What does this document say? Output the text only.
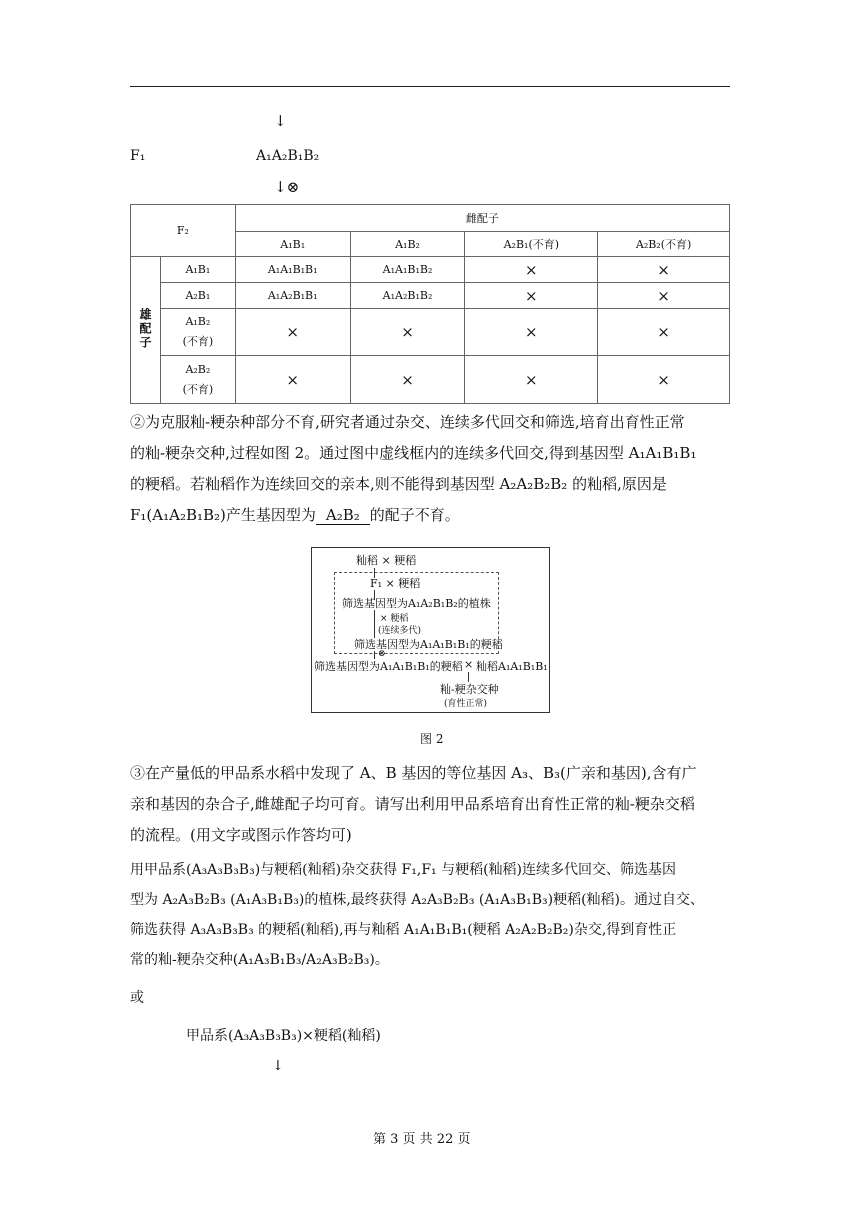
↓
F₁	A₁A₂B₁B₂
↓⊗
F₂		雌配子			
		A₁B₁	A₁B₂	A₂B₁(不育)	A₂B₂(不育)
雄配子	A₁B₁	A₁A₁B₁B₁	A₁A₁B₁B₂	×	×
	A₂B₁	A₁A₂B₁B₁	A₁A₂B₁B₂	×	×
	A₁B₂
(不育)	×	×	×	×
	A₂B₂
(不育)	×	×	×	×
②为克服籼-粳杂种部分不育,研究者通过杂交、连续多代回交和筛选,培育出育性正常
的籼-粳杂交种,过程如图 2。通过图中虚线框内的连续多代回交,得到基因型 A₁A₁B₁B₁
的粳稻。若籼稻作为连续回交的亲本,则不能得到基因型 A₂A₂B₂B₂ 的籼稻,原因是
F₁(A₁A₂B₁B₂)产生基因型为 A₂B₂ 的配子不育。
籼稻 × 粳稻
F₁ × 粳稻
筛选基因型为A₁A₂B₁B₂的植株
× 粳稻
(连续多代)
筛选基因型为A₁A₁B₁B₁的粳稻
⊗
筛选基因型为A₁A₁B₁B₁的粳稻 × 籼稻A₁A₁B₁B₁
籼-粳杂交种
(育性正常)
图 2
③在产量低的甲品系水稻中发现了 A、B 基因的等位基因 A₃、B₃(广亲和基因),含有广
亲和基因的杂合子,雌雄配子均可育。请写出利用甲品系培育出育性正常的籼-粳杂交稻
的流程。(用文字或图示作答均可)
用甲品系(A₃A₃B₃B₃)与粳稻(籼稻)杂交获得 F₁,F₁ 与粳稻(籼稻)连续多代回交、筛选基因
型为 A₂A₃B₂B₃ (A₁A₃B₁B₃)的植株,最终获得 A₂A₃B₂B₃ (A₁A₃B₁B₃)粳稻(籼稻)。通过自交、
筛选获得 A₃A₃B₃B₃ 的粳稻(籼稻),再与籼稻 A₁A₁B₁B₁(粳稻 A₂A₂B₂B₂)杂交,得到育性正
常的籼-粳杂交种(A₁A₃B₁B₃/A₂A₃B₂B₃)。
或
甲品系(A₃A₃B₃B₃)×粳稻(籼稻)
↓
第 3 页 共 22 页
